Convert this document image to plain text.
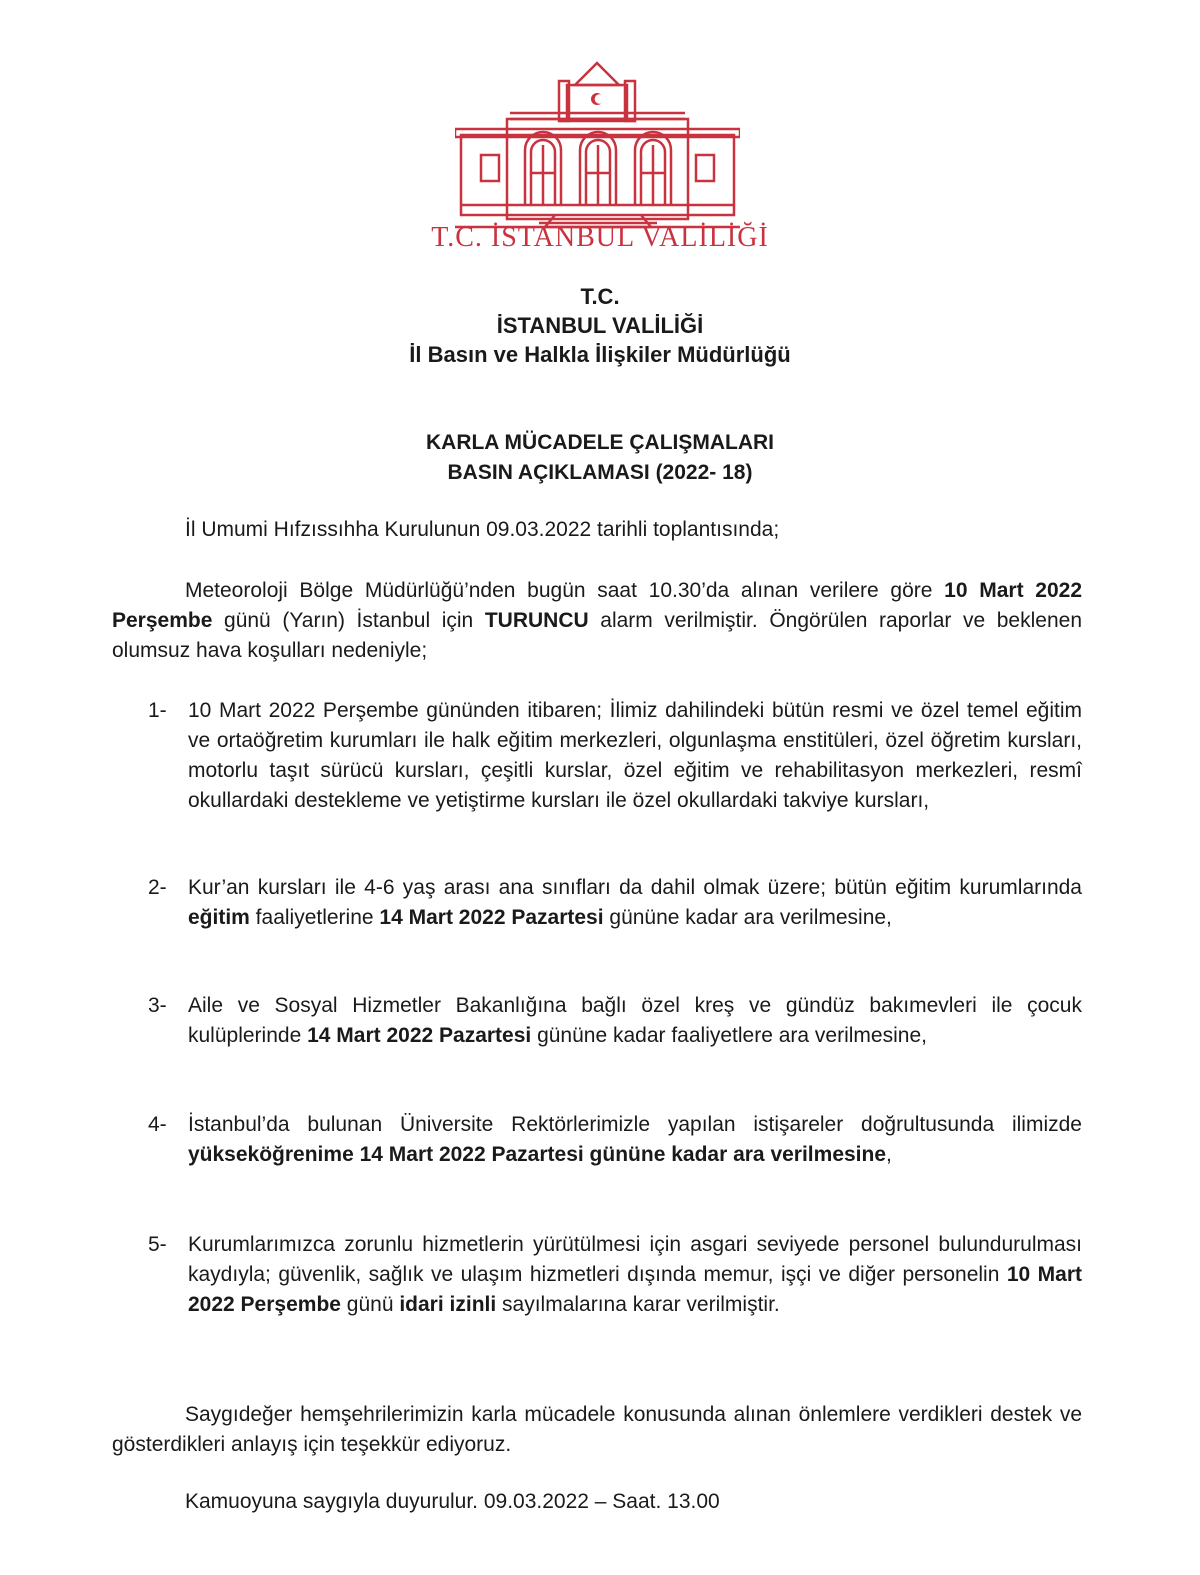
T.C. İSTANBUL VALİLİĞİ
T.C.
İSTANBUL VALİLİĞİ
İl Basın ve Halkla İlişkiler Müdürlüğü
KARLA MÜCADELE ÇALIŞMALARI
BASIN AÇIKLAMASI (2022- 18)

İl Umumi Hıfzıssıhha Kurulunun 09.03.2022 tarihli toplantısında;

Meteoroloji Bölge Müdürlüğü’nden bugün saat 10.30’da alınan verilere göre 10 Mart 2022 Perşembe günü (Yarın) İstanbul için TURUNCU alarm verilmiştir. Öngörülen raporlar ve beklenen olumsuz hava koşulları nedeniyle;

1-	10 Mart 2022 Perşembe gününden itibaren; İlimiz dahilindeki bütün resmi ve özel temel eğitim ve ortaöğretim kurumları ile halk eğitim merkezleri, olgunlaşma enstitüleri, özel öğretim kursları, motorlu taşıt sürücü kursları, çeşitli kurslar, özel eğitim ve rehabilitasyon merkezleri, resmî okullardaki destekleme ve yetiştirme kursları ile özel okullardaki takviye kursları,
2-	Kur’an kursları ile 4-6 yaş arası ana sınıfları da dahil olmak üzere; bütün eğitim kurumlarında eğitim faaliyetlerine 14 Mart 2022 Pazartesi gününe kadar ara verilmesine,
3-	Aile ve Sosyal Hizmetler Bakanlığına bağlı özel kreş ve gündüz bakımevleri ile çocuk kulüplerinde 14 Mart 2022 Pazartesi gününe kadar faaliyetlere ara verilmesine,
4-	İstanbul’da bulunan Üniversite Rektörlerimizle yapılan istişareler doğrultusunda ilimizde yükseköğrenime 14 Mart 2022 Pazartesi gününe kadar ara verilmesine,
5-	Kurumlarımızca zorunlu hizmetlerin yürütülmesi için asgari seviyede personel bulundurulması kaydıyla; güvenlik, sağlık ve ulaşım hizmetleri dışında memur, işçi ve diğer personelin 10 Mart 2022 Perşembe günü idari izinli sayılmalarına karar verilmiştir.

Saygıdeğer hemşehrilerimizin karla mücadele konusunda alınan önlemlere verdikleri destek ve gösterdikleri anlayış için teşekkür ediyoruz.

Kamuoyuna saygıyla duyurulur. 09.03.2022 – Saat. 13.00
